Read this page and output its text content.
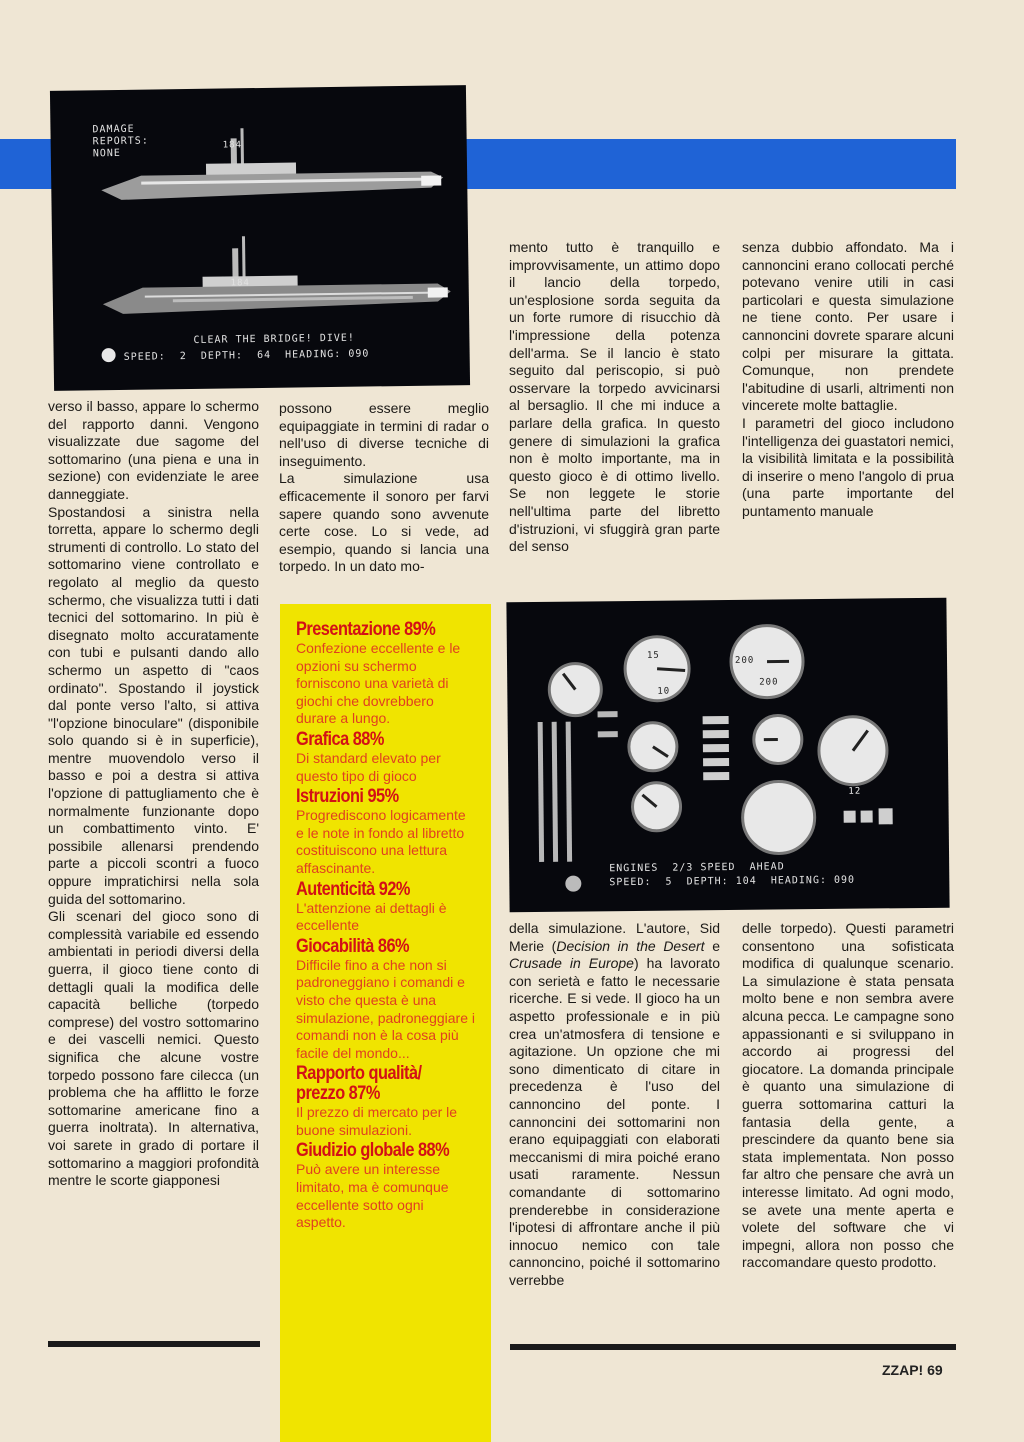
DAMAGE
REPORTS:
NONE
184
184
CLEAR THE BRIDGE! DIVE!
SPEED:  2  DEPTH:  64  HEADING: 090

verso il basso, appare lo schermo del rapporto danni. Vengono visualizzate due sagome del sottomarino (una piena e una in sezione) con evidenziate le aree danneggiate.
Spostandosi a sinistra nella torretta, appare lo schermo degli strumenti di controllo. Lo stato del sottomarino viene controllato e regolato al meglio da questo schermo, che visualizza tutti i dati tecnici del sottomarino. In più è disegnato molto accuratamente con tubi e pulsanti dando allo schermo un aspetto di "caos ordinato". Spostando il joystick dal ponte verso l'alto, si attiva "l'opzione binoculare" (disponibile solo quando si è in superficie), mentre muovendolo verso il basso e poi a destra si attiva l'opzione di pattugliamento che è normalmente funzionante dopo un combattimento vinto. E' possibile allenarsi prendendo parte a piccoli scontri a fuoco oppure impratichirsi nella sola guida del sottomarino.
Gli scenari del gioco sono di complessità variabile ed essendo ambientati in periodi diversi della guerra, il gioco tiene conto di dettagli quali la modifica delle capacità belliche (torpedo comprese) del vostro sottomarino e dei vascelli nemici. Questo significa che alcune vostre torpedo possono fare cilecca (un problema che ha afflitto le forze sottomarine americane fino a guerra inoltrata). In alternativa, voi sarete in grado di portare il sottomarino a maggiori profondità mentre le scorte giapponesi

possono essere meglio equipaggiate in termini di radar o nell'uso di diverse tecniche di inseguimento.
La simulazione usa efficacemente il sonoro per farvi sapere quando sono avvenute certe cose. Lo si vede, ad esempio, quando si lancia una torpedo. In un dato mo-

mento tutto è tranquillo e improvvisamente, un attimo dopo il lancio della torpedo, un'esplosione sorda seguita da un forte rumore di risucchio dà l'impressione della potenza dell'arma. Se il lancio è stato seguito dal periscopio, si può osservare la torpedo avvicinarsi al bersaglio. Il che mi induce a parlare della grafica. In questo genere di simulazioni la grafica non è molto importante, ma in questo gioco è di ottimo livello. Se non leggete le storie nell'ultima parte del libretto d'istruzioni, vi sfuggirà gran parte del senso

senza dubbio affondato. Ma i cannoncini erano collocati perché potevano venire utili in casi particolari e questa simulazione ne tiene conto. Per usare i cannoncini dovrete sparare alcuni colpi per misurare la gittata. Comunque, non prendete l'abitudine di usarli, altrimenti non vincerete molte battaglie.
I parametri del gioco includono l'intelligenza dei guastatori nemici, la visibilità limitata e la possibilità di inserire o meno l'angolo di prua (una parte importante del puntamento manuale

Presentazione 89%
Confezione eccellente e le opzioni su schermo forniscono una varietà di giochi che dovrebbero durare a lungo.
Grafica 88%
Di standard elevato per questo tipo di gioco
Istruzioni 95%
Progrediscono logicamente e le note in fondo al libretto costituiscono una lettura affascinante.
Autenticità 92%
L'attenzione ai dettagli è eccellente
Giocabilità 86%
Difficile fino a che non si padroneggiano i comandi e visto che questa è una simulazione, padroneggiare i comandi non è la cosa più facile del mondo...
Rapporto qualità/ prezzo 87%
Il prezzo di mercato per le buone simulazioni.
Giudizio globale 88%
Può avere un interesse limitato, ma è comunque eccellente sotto ogni aspetto.
15
10
200
200
12
ENGINES  2/3 SPEED  AHEAD
SPEED:  5  DEPTH: 104  HEADING: 090

della simulazione. L'autore, Sid Merie (Decision in the Desert e Crusade in Europe) ha lavorato con serietà e fatto le necessarie ricerche. E si vede. Il gioco ha un aspetto professionale e in più crea un'atmosfera di tensione e agitazione. Un opzione che mi sono dimenticato di citare in precedenza è l'uso del cannoncino del ponte. I cannoncini dei sottomarini non erano equipaggiati con elaborati meccanismi di mira poiché erano usati raramente. Nessun comandante di sottomarino prenderebbe in considerazione l'ipotesi di affrontare anche il più innocuo nemico con tale cannoncino, poiché il sottomarino verrebbe

delle torpedo). Questi parametri consentono una sofisticata modifica di qualunque scenario. La simulazione è stata pensata molto bene e non sembra avere alcuna pecca. Le campagne sono appassionanti e si sviluppano in accordo ai progressi del giocatore. La domanda principale è quanto una simulazione di guerra sottomarina catturi la fantasia della gente, a prescindere da quanto bene sia stata implementata. Non posso far altro che pensare che avrà un interesse limitato. Ad ogni modo, se avete una mente aperta e volete del software che vi impegni, allora non posso che raccomandare questo prodotto.

ZZAP! 69
